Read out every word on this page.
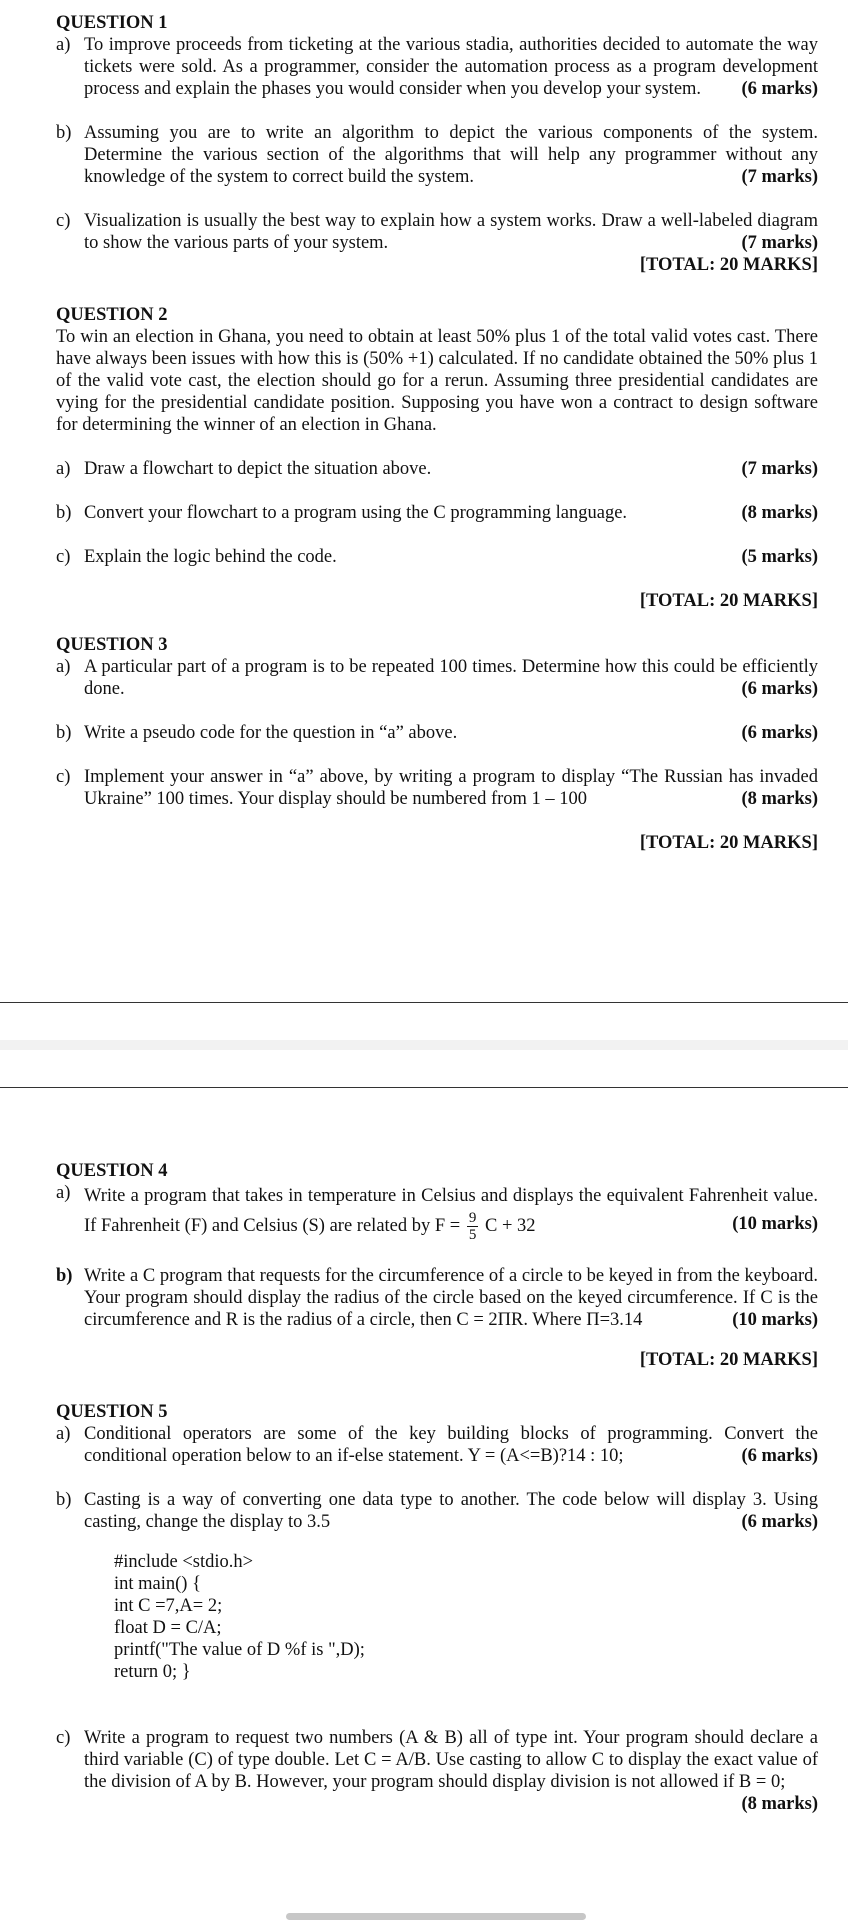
QUESTION 1
a) To improve proceeds from ticketing at the various stadia, authorities decided to automate the way tickets were sold. As a programmer, consider the automation process as a program development process and explain the phases you would consider when you develop your system. (6 marks)
b) Assuming you are to write an algorithm to depict the various components of the system. Determine the various section of the algorithms that will help any programmer without any knowledge of the system to correct build the system.	(7 marks)
c) Visualization is usually the best way to explain how a system works. Draw a well-labeled diagram to show the various parts of your system.	(7 marks)
[TOTAL: 20 MARKS]
QUESTION 2
To win an election in Ghana, you need to obtain at least 50% plus 1 of the total valid votes cast. There have always been issues with how this is (50% +1) calculated. If no candidate obtained the 50% plus 1 of the valid vote cast, the election should go for a rerun. Assuming three presidential candidates are vying for the presidential candidate position. Supposing you have won a contract to design software for determining the winner of an election in Ghana.
a) Draw a flowchart to depict the situation above.	(7 marks)
b) Convert your flowchart to a program using the C programming language.	(8 marks)
c) Explain the logic behind the code.	(5 marks)
[TOTAL: 20 MARKS]
QUESTION 3
a) A particular part of a program is to be repeated 100 times. Determine how this could be efficiently done.	(6 marks)
b) Write a pseudo code for the question in “a” above.	(6 marks)
c) Implement your answer in “a” above, by writing a program to display “The Russian has invaded Ukraine” 100 times. Your display should be numbered from 1 – 100	(8 marks)
[TOTAL: 20 MARKS]
QUESTION 4
a) Write a program that takes in temperature in Celsius and displays the equivalent Fahrenheit value. If Fahrenheit (F) and Celsius (S) are related by $F = \frac{9}{5}$ C + 32	(10 marks)
b) Write a C program that requests for the circumference of a circle to be keyed in from the keyboard. Your program should display the radius of the circle based on the keyed circumference. If C is the circumference and R is the radius of a circle, then C = 2ΠR. Where Π=3.14	(10 marks)
[TOTAL: 20 MARKS]
QUESTION 5
a) Conditional operators are some of the key building blocks of programming. Convert the conditional operation below to an if-else statement. Y = (A<=B)?14 : 10;	(6 marks)
b) Casting is a way of converting one data type to another. The code below will display 3. Using casting, change the display to 3.5	(6 marks)
#include <stdio.h>
int main() {
int C =7,A= 2;
float D = C/A;
printf("The value of D %f is ",D);
return 0; }
c) Write a program to request two numbers (A & B) all of type int. Your program should declare a third variable (C) of type double. Let C = A/B. Use casting to allow C to display the exact value of the division of A by B. However, your program should display division is not allowed if B = 0;
(8 marks)
